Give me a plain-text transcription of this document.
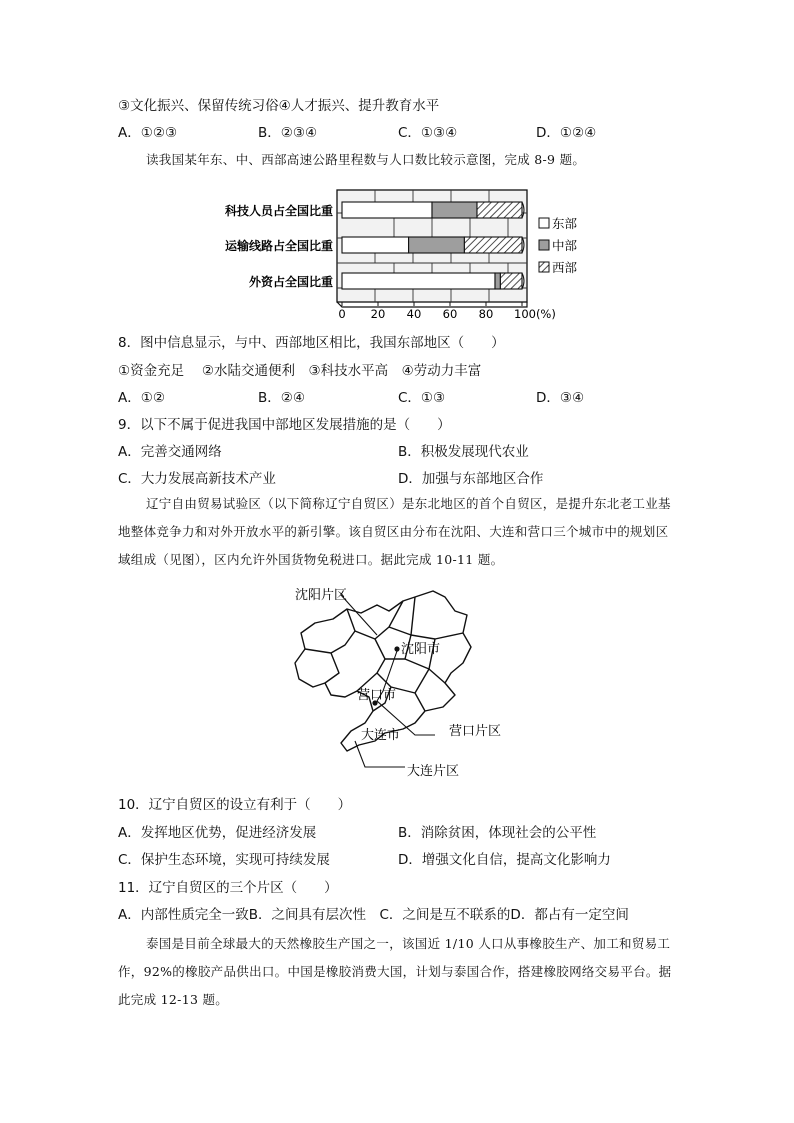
③文化振兴、保留传统习俗④人才振兴、提升教育水平
A．①②③	B．②③④	C．①③④	D．①②④
读我国某年东、中、西部高速公路里程数与人口数比较示意图，完成 8-9 题。
科技人员占全国比重
运输线路占全国比重
外资占全国比重
0 20 40 60 80 100(%)
东部
中部
西部
8．图中信息显示，与中、西部地区相比，我国东部地区（　　）
①资金充足　 ②水陆交通便利　③科技水平高　④劳动力丰富
A．①②	B．②④	C．①③	D．③④
9．以下不属于促进我国中部地区发展措施的是（　　）
A．完善交通网络	B．积极发展现代农业
C．大力发展高新技术产业	D．加强与东部地区合作
辽宁自由贸易试验区（以下简称辽宁自贸区）是东北地区的首个自贸区，是提升东北老工业基地整体竞争力和对外开放水平的新引擎。该自贸区由分布在沈阳、大连和营口三个城市中的规划区域组成（见图），区内允许外国货物免税进口。据此完成 10-11 题。
沈阳片区
沈阳市
营口市
营口片区
大连市
大连片区
10．辽宁自贸区的设立有利于（　　）
A．发挥地区优势，促进经济发展	B．消除贫困，体现社会的公平性
C．保护生态环境，实现可持续发展	D．增强文化自信，提高文化影响力
11．辽宁自贸区的三个片区（　　）
A．内部性质完全一致B．之间具有层次性　C．之间是互不联系的D．都占有一定空间
泰国是目前全球最大的天然橡胶生产国之一，该国近 1/10 人口从事橡胶生产、加工和贸易工作，92%的橡胶产品供出口。中国是橡胶消费大国，计划与泰国合作，搭建橡胶网络交易平台。据此完成 12-13 题。
